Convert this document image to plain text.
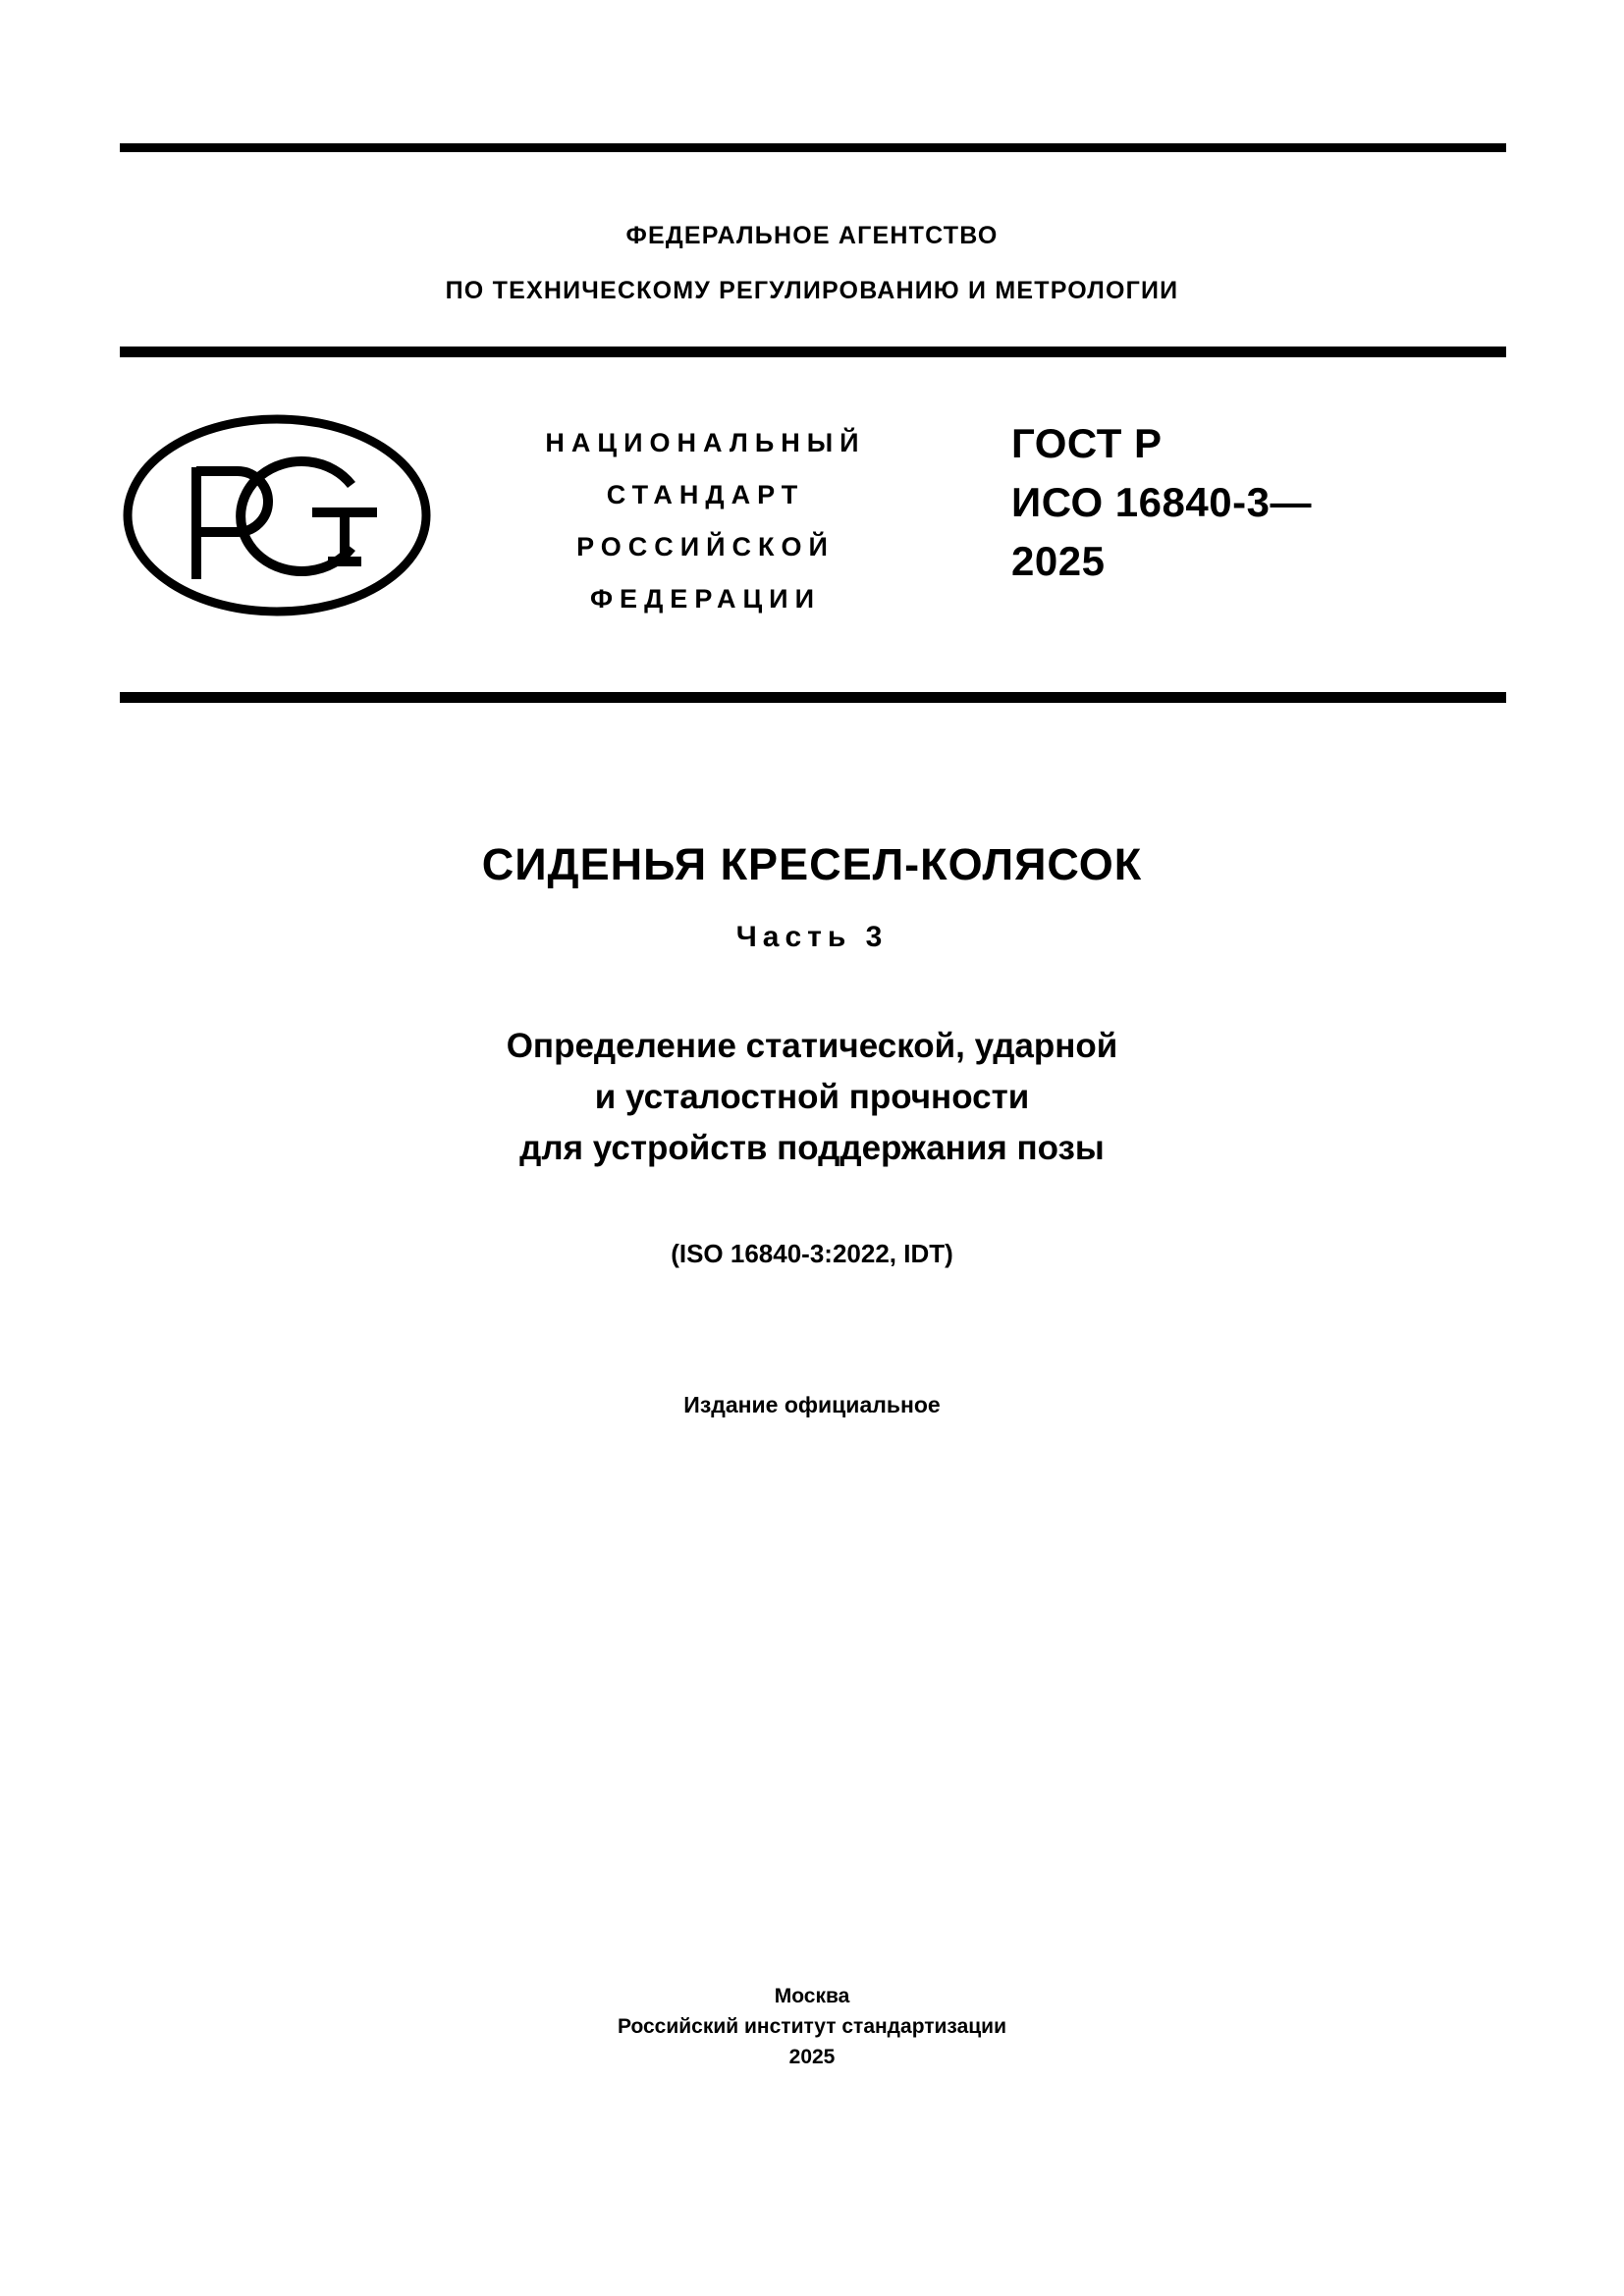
ФЕДЕРАЛЬНОЕ АГЕНТСТВО
ПО ТЕХНИЧЕСКОМУ РЕГУЛИРОВАНИЮ И МЕТРОЛОГИИ
НАЦИОНАЛЬНЫЙ
СТАНДАРТ
РОССИЙСКОЙ
ФЕДЕРАЦИИ
ГОСТ Р
ИСО 16840-3—
2025
СИДЕНЬЯ КРЕСЕЛ-КОЛЯСОК
Часть 3
Определение статической, ударной
и усталостной прочности
для устройств поддержания позы
(ISO 16840-3:2022, IDT)
Издание официальное
Москва
Российский институт стандартизации
2025
